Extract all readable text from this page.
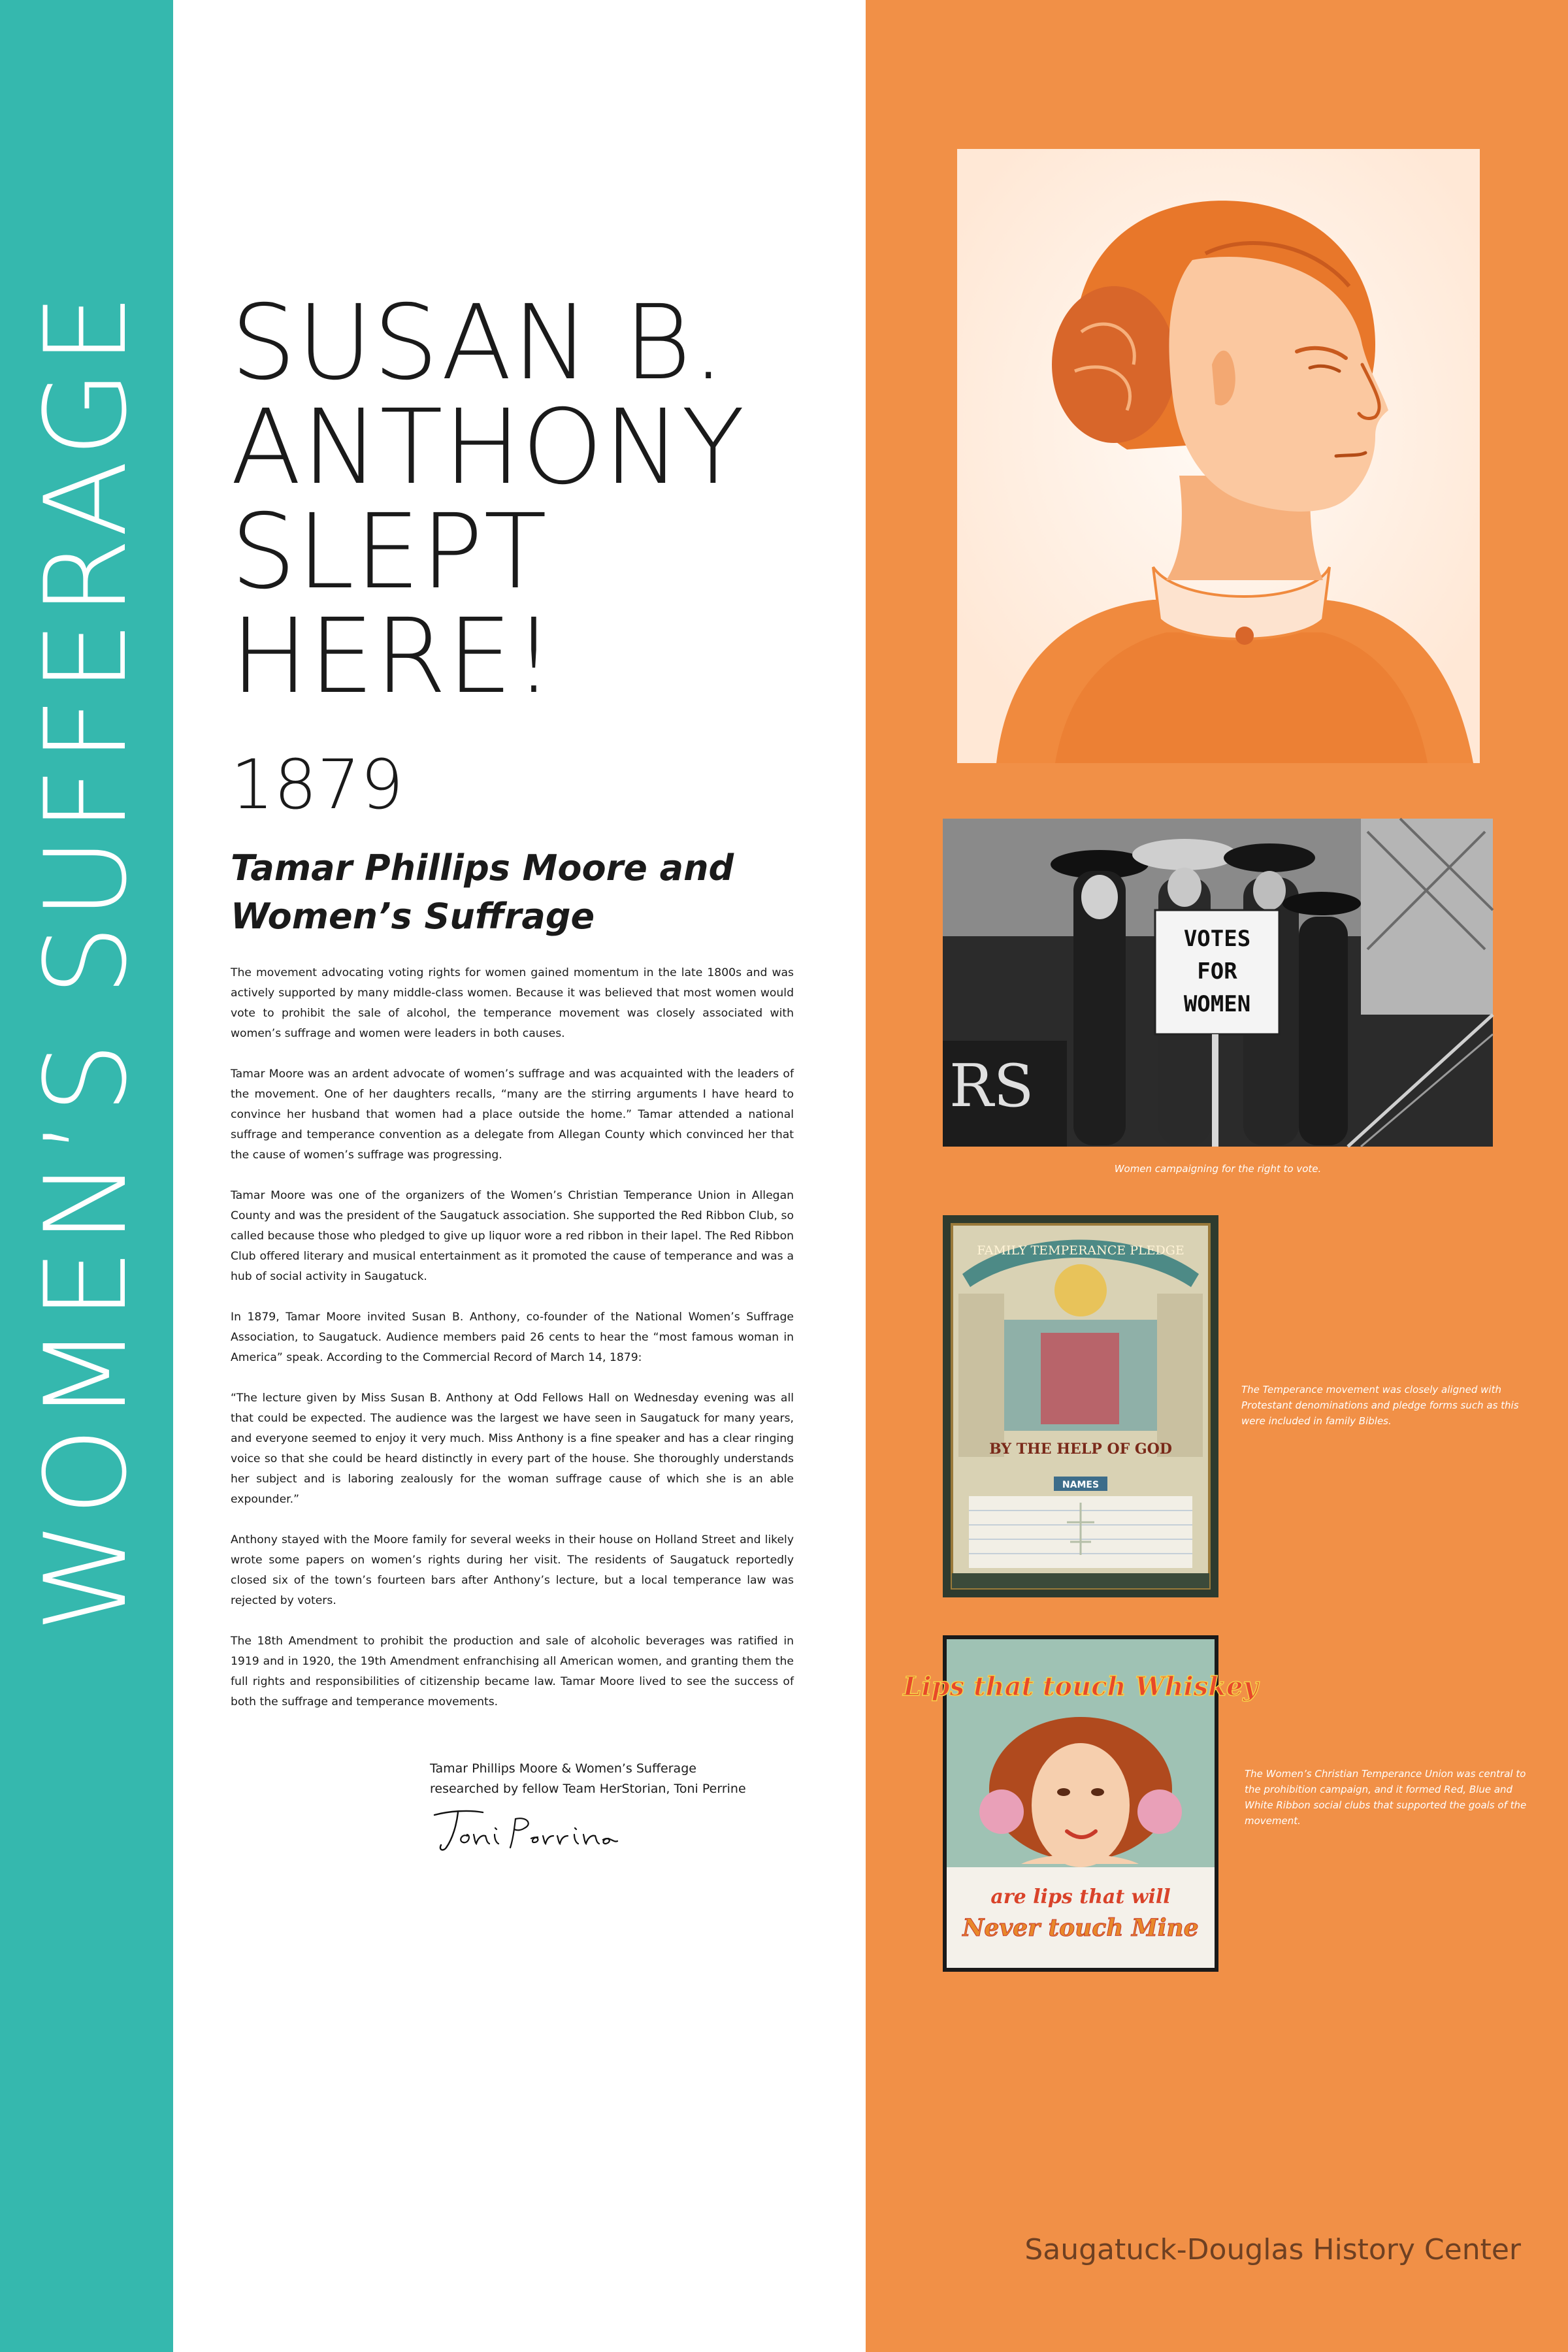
WOMEN’S SUFFERAGE SUSAN B.
ANTHONY
SLEPT
HERE!
1879
Tamar Phillips Moore and
Women’s Suffrage

The movement advocating voting rights for women gained momentum in the late 1800s and was actively supported by many middle-class women. Because it was believed that most women would vote to prohibit the sale of alcohol, the temperance movement was closely associated with women’s suffrage and women were leaders in both causes.

Tamar Moore was an ardent advocate of women’s suffrage and was acquainted with the leaders of the movement. One of her daughters recalls, “many are the stirring arguments I have heard to convince her husband that women had a place outside the home.” Tamar attended a national suffrage and temperance convention as a delegate from Allegan County which convinced her that the cause of women’s suffrage was progressing.

Tamar Moore was one of the organizers of the Women’s Christian Temperance Union in Allegan County and was the president of the Saugatuck association. She supported the Red Ribbon Club, so called because those who pledged to give up liquor wore a red ribbon in their lapel. The Red Ribbon Club offered literary and musical entertainment as it promoted the cause of temperance and was a hub of social activity in Saugatuck.

In 1879, Tamar Moore invited Susan B. Anthony, co-founder of the National Women’s Suffrage Association, to Saugatuck. Audience members paid 26 cents to hear the “most famous woman in America” speak. According to the Commercial Record of March 14, 1879:

“The lecture given by Miss Susan B. Anthony at Odd Fellows Hall on Wednesday evening was all that could be expected. The audience was the largest we have seen in Saugatuck for many years, and everyone seemed to enjoy it very much. Miss Anthony is a fine speaker and has a clear ringing voice so that she could be heard distinctly in every part of the house. She thoroughly understands her subject and is laboring zealously for the woman suffrage cause of which she is an able expounder.”

Anthony stayed with the Moore family for several weeks in their house on Holland Street and likely wrote some papers on women’s rights during her visit. The residents of Saugatuck reportedly closed six of the town’s fourteen bars after Anthony’s lecture, but a local temperance law was rejected by voters.

The 18th Amendment to prohibit the production and sale of alcoholic beverages was ratified in 1919 and in 1920, the 19th Amendment enfranchising all American women, and granting them the full rights and responsibilities of citizenship became law. Tamar Moore lived to see the success of both the suffrage and temperance movements.

Tamar Phillips Moore & Women’s Sufferage
researched by fellow Team HerStorian, Toni Perrine
RS
VOTES
FOR
WOMEN
Women campaigning for the right to vote.
FAMILY TEMPERANCE PLEDGE
BY THE HELP OF GOD
NAMES
The Temperance movement was closely aligned with Protestant denominations and pledge forms such as this were included in family Bibles.
Lips that touch Whiskey
are lips that will
Never touch Mine
The Women’s Christian Temperance Union was central to the prohibition campaign, and it formed Red, Blue and White Ribbon social clubs that supported the goals of the movement.
Saugatuck-Douglas History Center
